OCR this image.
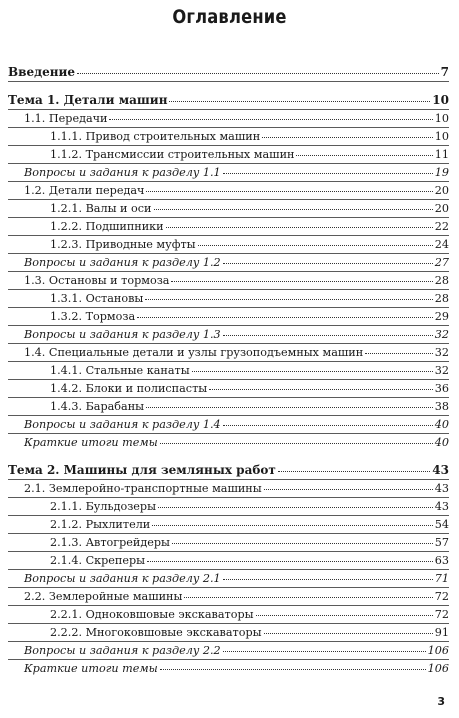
Оглавление
Введение	7
Тема 1. Детали машин	10
1.1. Передачи	10
1.1.1. Привод строительных машин	10
1.1.2. Трансмиссии строительных машин	11
Вопросы и задания к разделу 1.1	19
1.2. Детали передач	20
1.2.1. Валы и оси	20
1.2.2. Подшипники	22
1.2.3. Приводные муфты	24
Вопросы и задания к разделу 1.2	27
1.3. Остановы и тормоза	28
1.3.1. Остановы	28
1.3.2. Тормоза	29
Вопросы и задания к разделу 1.3	32
1.4. Специальные детали и узлы грузоподъемных машин	32
1.4.1. Стальные канаты	32
1.4.2. Блоки и полиспасты	36
1.4.3. Барабаны	38
Вопросы и задания к разделу 1.4	40
Краткие итоги темы	40
Тема 2. Машины для земляных работ	43
2.1. Землеройно-транспортные машины	43
2.1.1. Бульдозеры	43
2.1.2. Рыхлители	54
2.1.3. Автогрейдеры	57
2.1.4. Скреперы	63
Вопросы и задания к разделу 2.1	71
2.2. Землеройные машины	72
2.2.1. Одноковшовые экскаваторы	72
2.2.2. Многоковшовые экскаваторы	91
Вопросы и задания к разделу 2.2	106
Краткие итоги темы	106
3
